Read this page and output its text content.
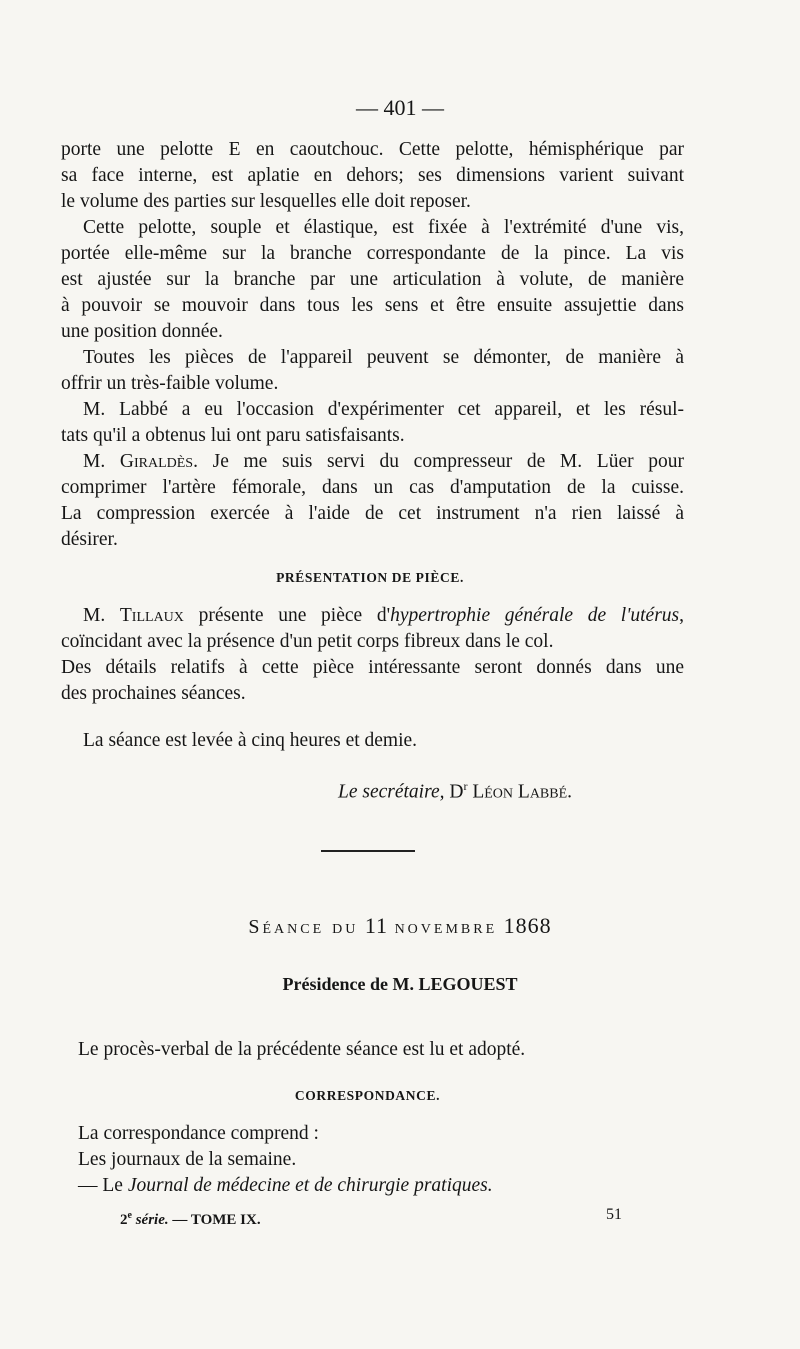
— 401 —
porte une pelotte E en caoutchouc. Cette pelotte, hémisphérique par
sa face interne, est aplatie en dehors; ses dimensions varient suivant
le volume des parties sur lesquelles elle doit reposer.
Cette pelotte, souple et élastique, est fixée à l'extrémité d'une vis,
portée elle-même sur la branche correspondante de la pince. La vis
est ajustée sur la branche par une articulation à volute, de manière
à pouvoir se mouvoir dans tous les sens et être ensuite assujettie dans
une position donnée.
Toutes les pièces de l'appareil peuvent se démonter, de manière à
offrir un très-faible volume.
M. Labbé a eu l'occasion d'expérimenter cet appareil, et les résul-
tats qu'il a obtenus lui ont paru satisfaisants.
M. Giraldès. Je me suis servi du compresseur de M. Lüer pour
comprimer l'artère fémorale, dans un cas d'amputation de la cuisse.
La compression exercée à l'aide de cet instrument n'a rien laissé à
désirer.
PRÉSENTATION DE PIÈCE.
M. Tillaux présente une pièce d'hypertrophie générale de l'utérus,
coïncidant avec la présence d'un petit corps fibreux dans le col.
Des détails relatifs à cette pièce intéressante seront donnés dans une
des prochaines séances.
La séance est levée à cinq heures et demie.
Le secrétaire, $D^r$ Léon Labbé.
Séance du 11 novembre 1868
Présidence de M. LEGOUEST
Le procès-verbal de la précédente séance est lu et adopté.
CORRESPONDANCE.
La correspondance comprend :
Les journaux de la semaine.
— Le Journal de médecine et de chirurgie pratiques.
2e série. — TOME IX.	51
